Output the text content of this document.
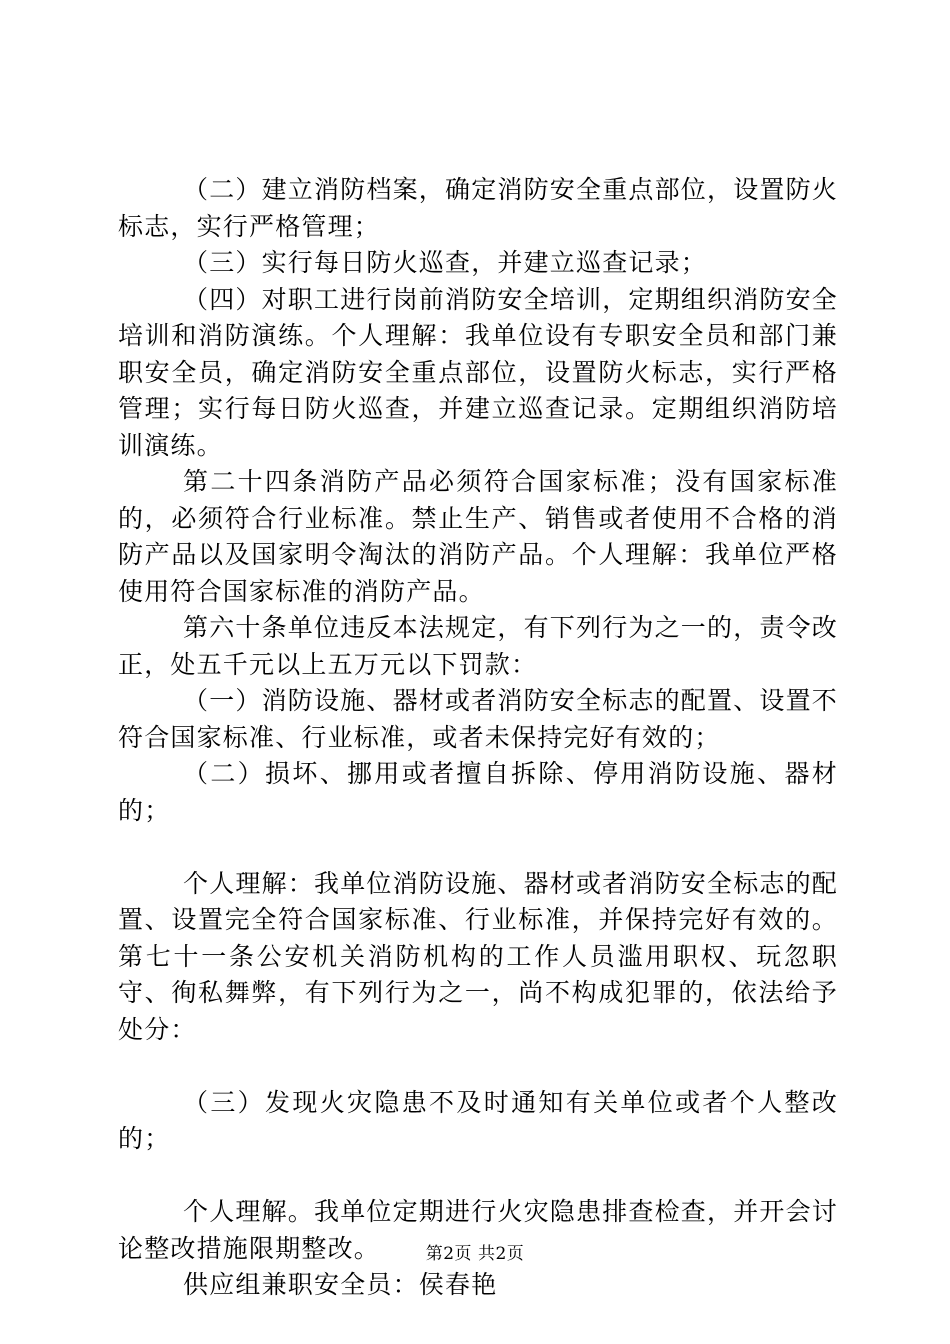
（二）建立消防档案，确定消防安全重点部位，设置防火标志，实行严格管理；

（三）实行每日防火巡查，并建立巡查记录；

（四）对职工进行岗前消防安全培训，定期组织消防安全培训和消防演练。个人理解：我单位设有专职安全员和部门兼职安全员，确定消防安全重点部位，设置防火标志，实行严格管理；实行每日防火巡查，并建立巡查记录。定期组织消防培训演练。

第二十四条消防产品必须符合国家标准；没有国家标准的，必须符合行业标准。禁止生产、销售或者使用不合格的消防产品以及国家明令淘汰的消防产品。个人理解：我单位严格使用符合国家标准的消防产品。

第六十条单位违反本法规定，有下列行为之一的，责令改正，处五千元以上五万元以下罚款：

（一）消防设施、器材或者消防安全标志的配置、设置不符合国家标准、行业标准，或者未保持完好有效的；

（二）损坏、挪用或者擅自拆除、停用消防设施、器材的；

个人理解：我单位消防设施、器材或者消防安全标志的配置、设置完全符合国家标准、行业标准，并保持完好有效的。第七十一条公安机关消防机构的工作人员滥用职权、玩忽职守、徇私舞弊，有下列行为之一，尚不构成犯罪的，依法给予处分：

（三）发现火灾隐患不及时通知有关单位或者个人整改的；

个人理解。我单位定期进行火灾隐患排查检查，并开会讨论整改措施限期整改。

供应组兼职安全员：侯春艳

第2页 共2页
